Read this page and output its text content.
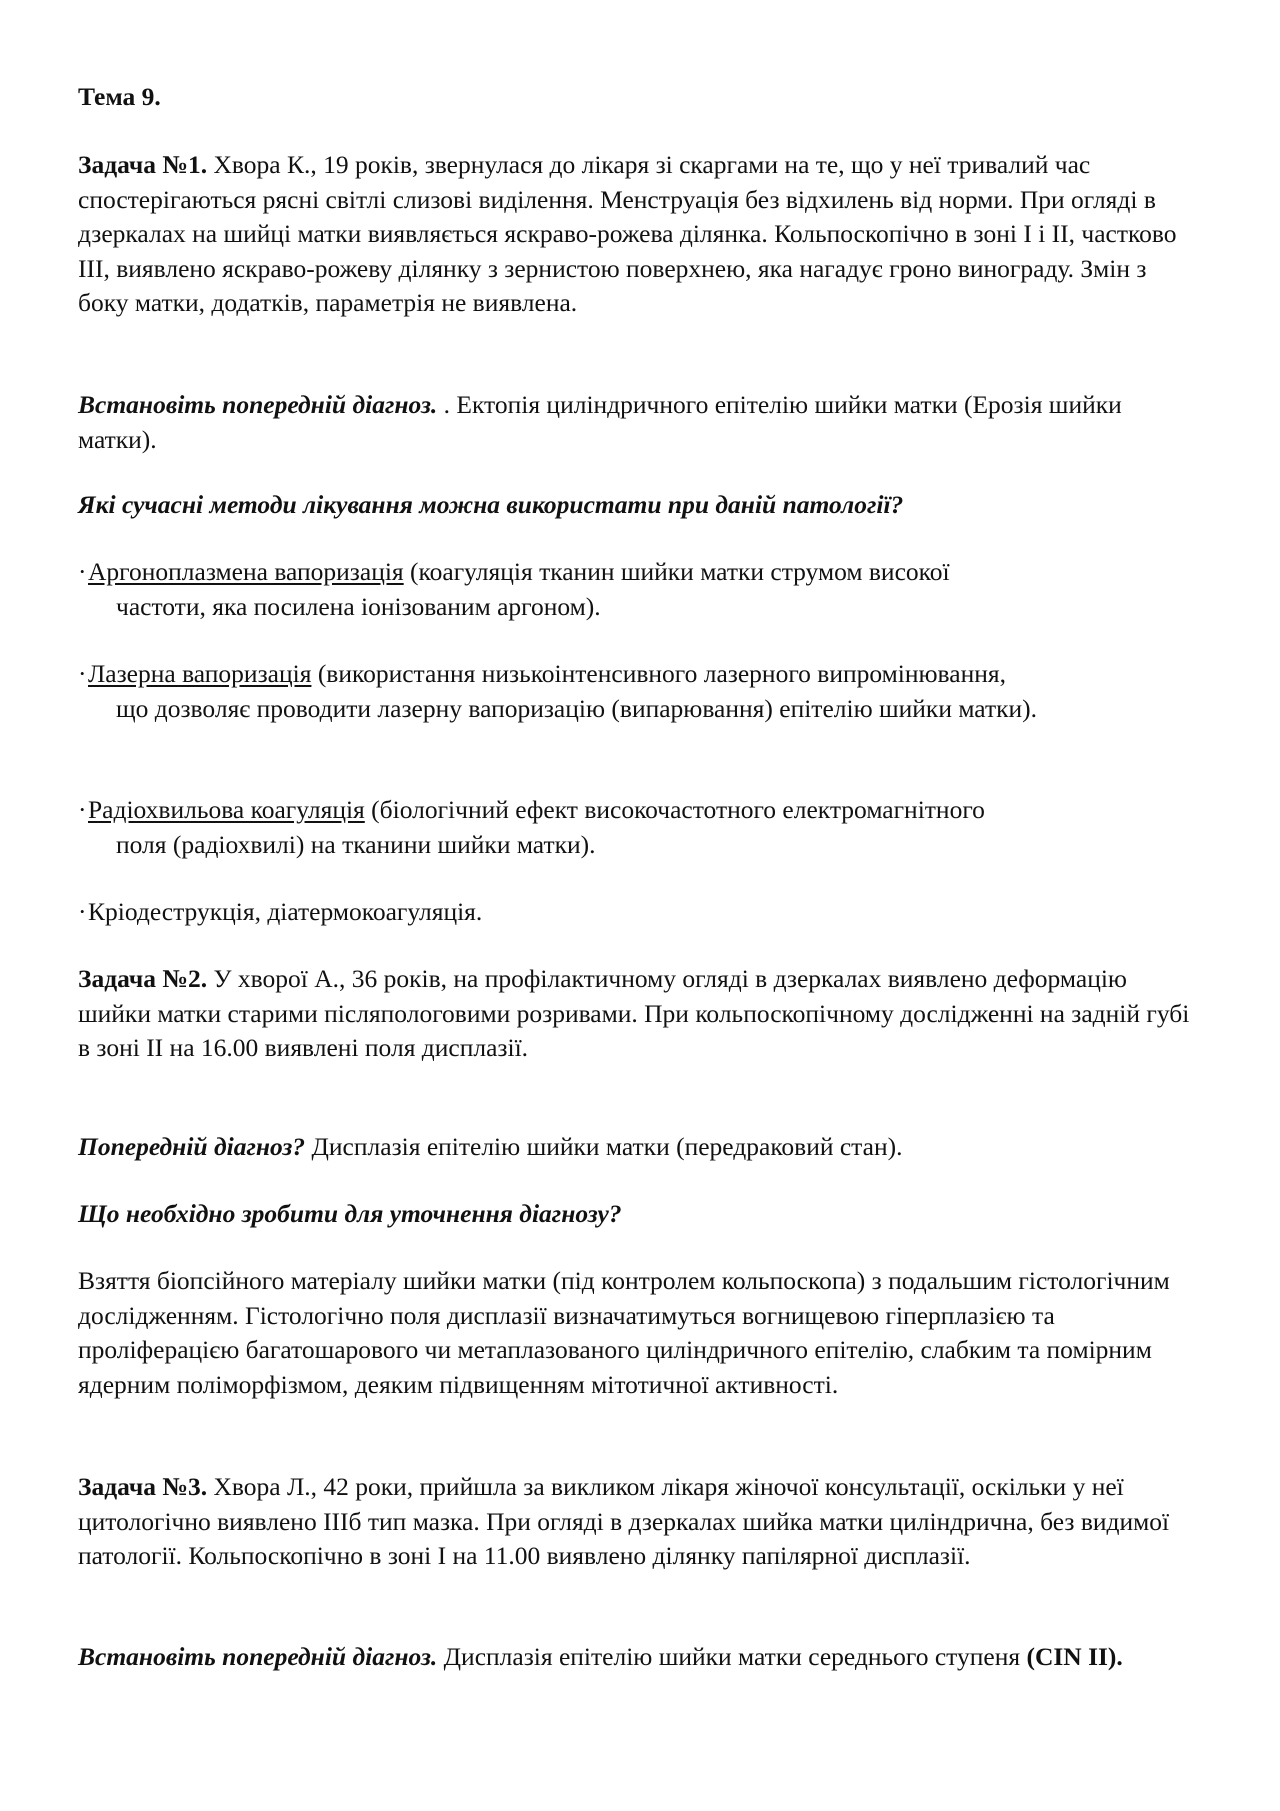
Тема 9.

Задача №1. Хвора К., 19 років, звернулася до лікаря зі скаргами на те, що у неї тривалий час спостерігаються рясні світлі слизові виділення. Менструація без відхилень від норми. При огляді в дзеркалах на шийці матки виявляється яскраво-рожева ділянка. Кольпоскопічно в зоні І і ІІ, частково ІІІ, виявлено яскраво-рожеву ділянку з зернистою поверхнею, яка нагадує гроно винограду. Змін з боку матки, додатків, параметрія не виявлена.

Встановіть попередній діагноз. . Ектопія циліндричного епітелію шийки матки (Ерозія шийки матки).

Які сучасні методи лікування можна використати при даній патології?

·Аргоноплазмена вапоризація (коагуляція тканин шийки матки струмом високої
частоти, яка посилена іонізованим аргоном).
·Лазерна вапоризація (використання низькоінтенсивного лазерного випромінювання,
що дозволяє проводити лазерну вапоризацію (випарювання) епітелію шийки матки).
·Радіохвильова коагуляція (біологічний ефект високочастотного електромагнітного
поля (радіохвилі) на тканини шийки матки).
·Кріодеструкція, діатермокоагуляція.

Задача №2. У хворої А., 36 років, на профілактичному огляді в дзеркалах виявлено деформацію шийки матки старими післяпологовими розривами. При кольпоскопічному дослідженні на задній губі в зоні ІІ на 16.00 виявлені поля дисплазії.

Попередній діагноз? Дисплазія епітелію шийки матки (передраковий стан).

Що необхідно зробити для уточнення діагнозу?

Взяття біопсійного матеріалу шийки матки (під контролем кольпоскопа) з подальшим гістологічним дослідженням. Гістологічно поля дисплазії визначатимуться вогнищевою гіперплазією та проліферацією багатошарового чи метаплазованого циліндричного епітелію, слабким та помірним ядерним поліморфізмом, деяким підвищенням мітотичної активності.

Задача №3. Хвора Л., 42 роки, прийшла за викликом лікаря жіночої консультації, оскільки у неї цитологічно виявлено ІІІб тип мазка. При огляді в дзеркалах шийка матки циліндрична, без видимої патології. Кольпоскопічно в зоні І на 11.00 виявлено ділянку папілярної дисплазії.

Встановіть попередній діагноз. Дисплазія епітелію шийки матки середнього ступеня (CIN II).
